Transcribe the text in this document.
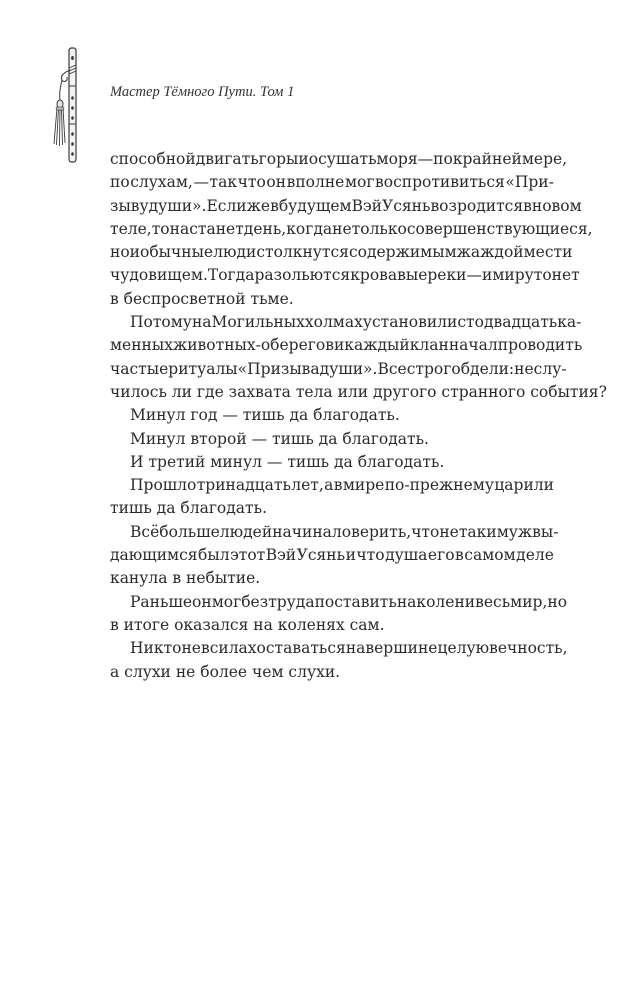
Мастер Тёмного Пути. Том 1
способной двигать горы и осушать моря — по крайней мере,
по слухам, — так что он вполне мог воспротивиться «При-
зыву души». Если же в будущем Вэй Усянь возродится в новом
теле, то настанет день, когда не только совершенствующиеся,
но и обычные люди столкнутся с одержимым жаждой мести
чудовищем. Тогда разольются кровавые реки — и мир утонет
в беспросветной тьме.
Потому на Могильных холмах установили сто двадцать ка-
менных животных-оберегов и каждый клан начал проводить
частые ритуалы «Призыва души». Все строго бдели: не слу-
чилось ли где захвата тела или другого странного события?
Минул год — тишь да благодать.
Минул второй — тишь да благодать.
И третий минул — тишь да благодать.
Прошло тринадцать лет, а в мире по-прежнему царили
тишь да благодать.
Всё больше людей начинало верить, что не таким уж вы-
дающимся был этот Вэй Усянь и что душа его в самом деле
канула в небытие.
Раньше он мог без труда поставить на колени весь мир, но
в итоге оказался на коленях сам.
Никто не в силах оставаться на вершине целую вечность,
а слухи не более чем слухи.
